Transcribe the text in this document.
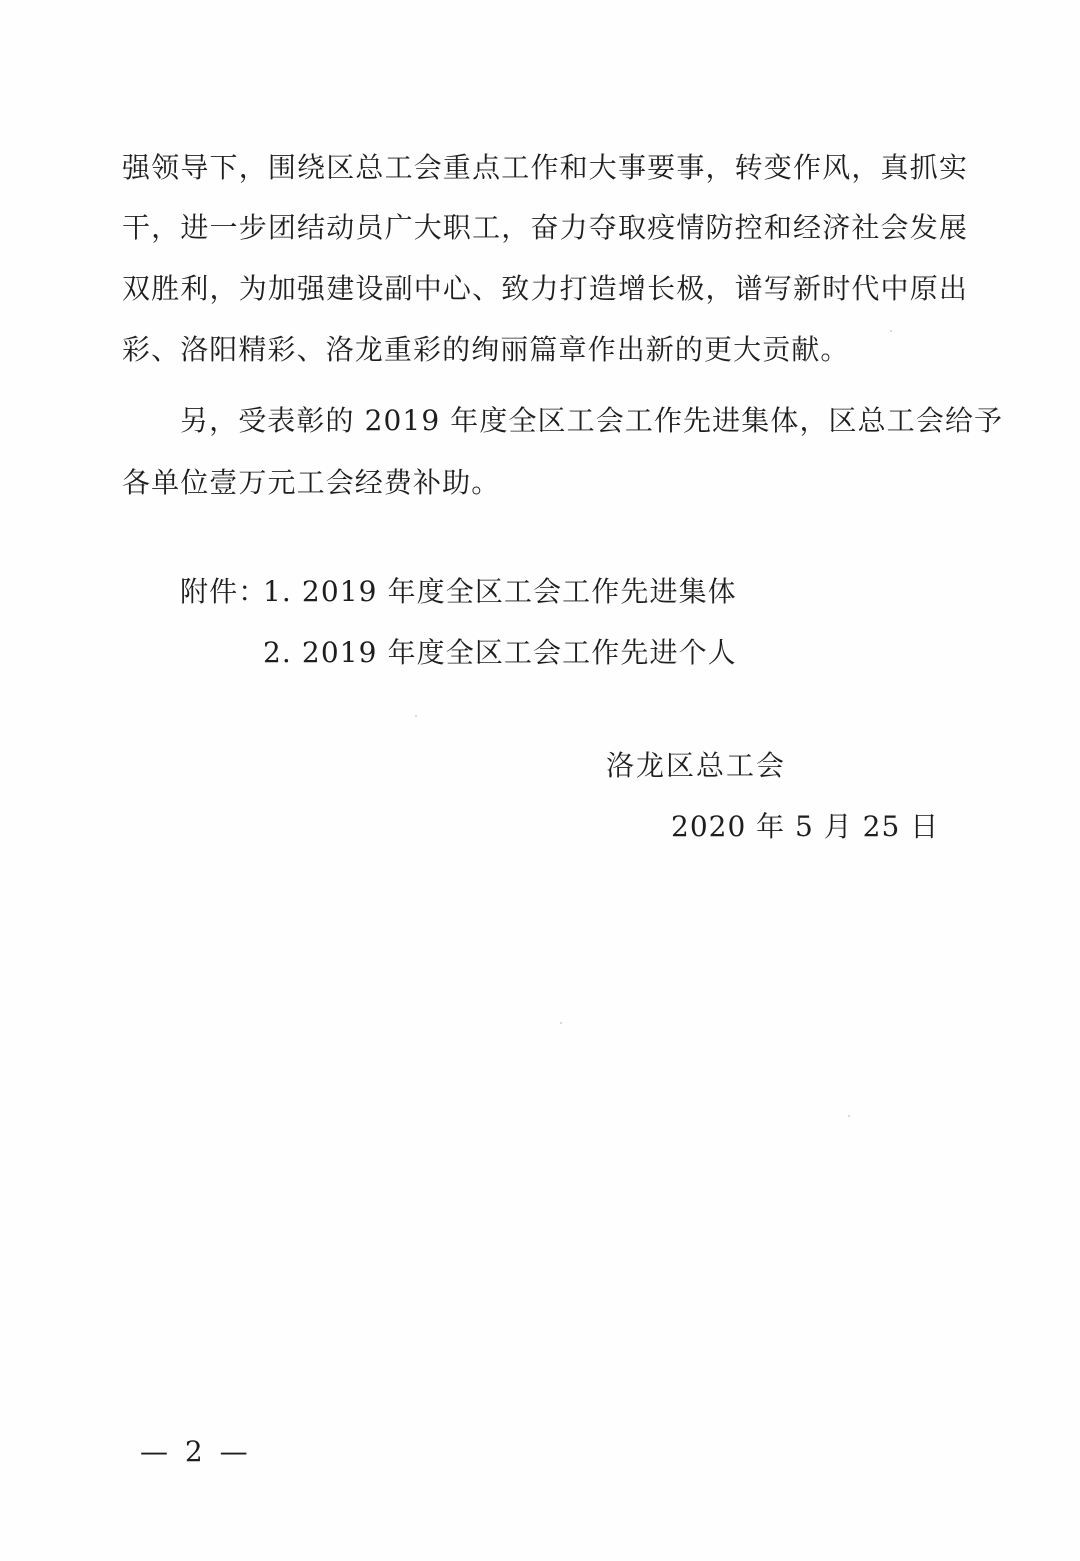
强领导下，围绕区总工会重点工作和大事要事，转变作风，真抓实
干，进一步团结动员广大职工，奋力夺取疫情防控和经济社会发展
双胜利，为加强建设副中心、致力打造增长极，谱写新时代中原出
彩、洛阳精彩、洛龙重彩的绚丽篇章作出新的更大贡献。
另，受表彰的 2019 年度全区工会工作先进集体，区总工会给予
各单位壹万元工会经费补助。
附件：
1. 2019 年度全区工会工作先进集体
2. 2019 年度全区工会工作先进个人
洛龙区总工会
2020 年 5 月 25 日
— 2 —
